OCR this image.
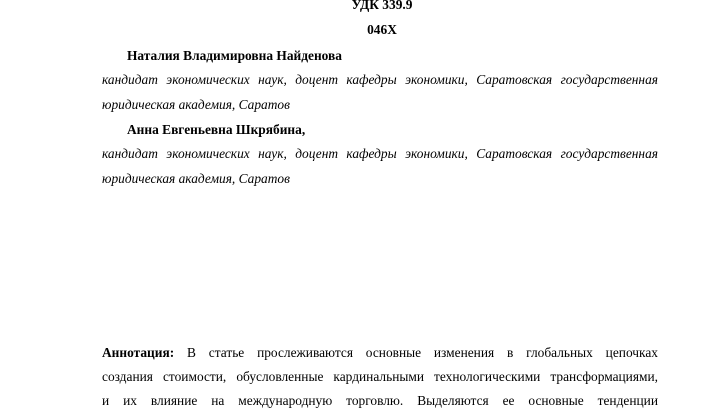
УДК 339.9
046Х
Наталия Владимировна Найденова
кандидат экономических наук, доцент кафедры экономики, Саратовская государственная
юридическая академия, Саратов
Анна Евгеньевна Шкрябина,
кандидат экономических наук, доцент кафедры экономики, Саратовская государственная
юридическая академия, Саратов
Аннотация: В статье прослеживаются основные изменения в глобальных цепочках
создания стоимости, обусловленные кардинальными технологическими трансформациями,
и их влияние на международную торговлю. Выделяются ее основные тенденции
